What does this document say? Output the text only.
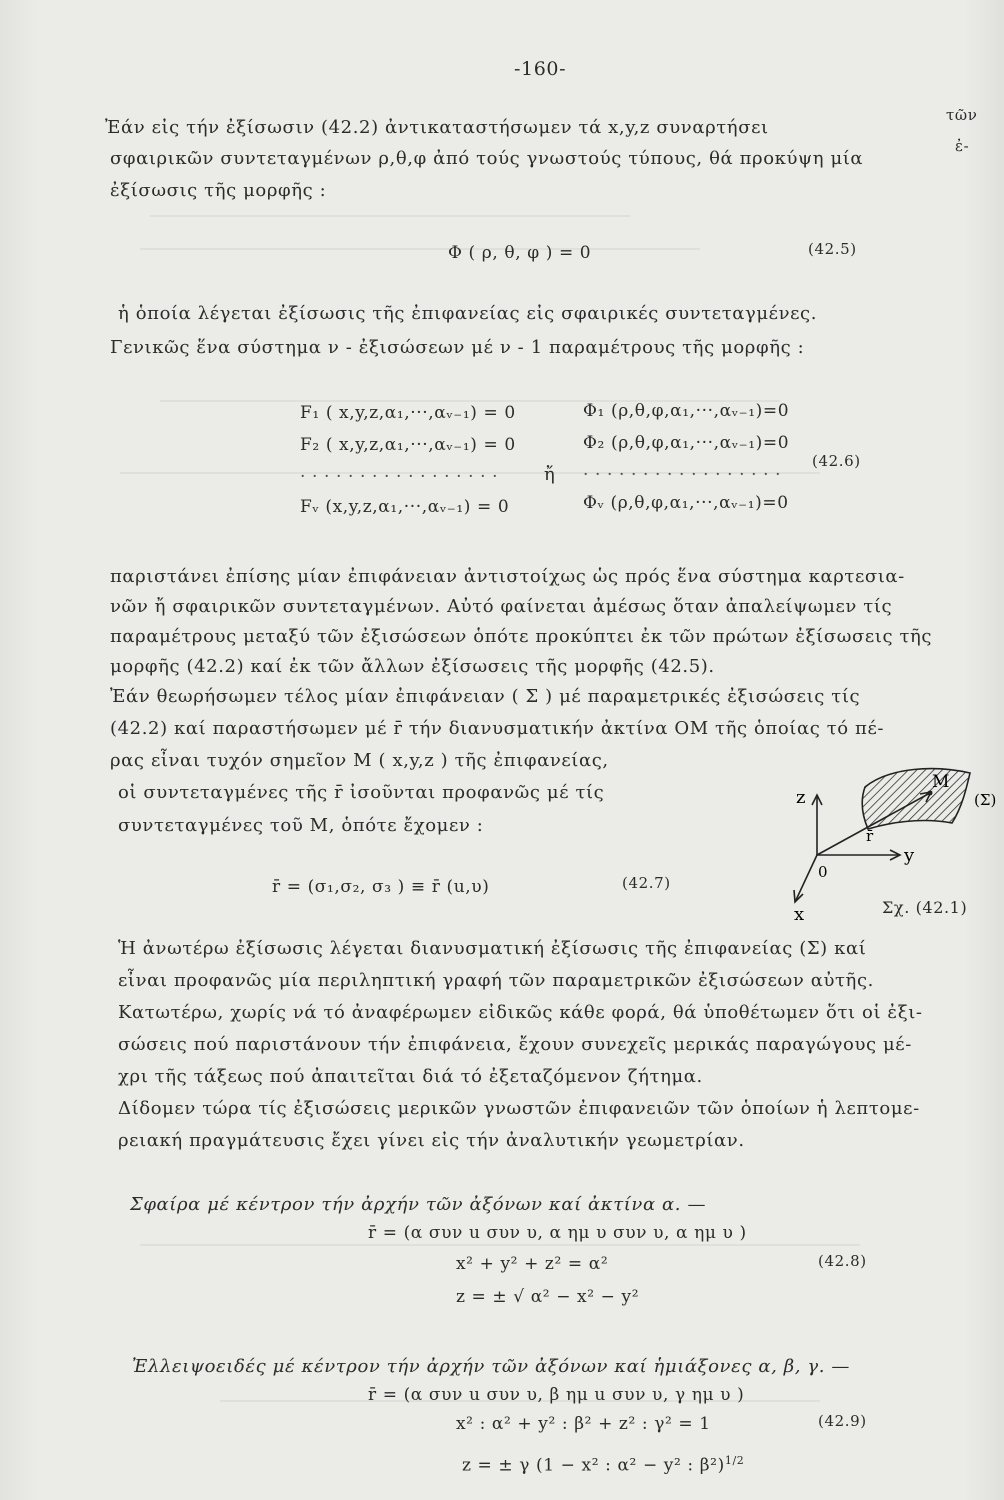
-160-
Ἐάν εἰς τήν ἐξίσωσιν (42.2) ἀντικαταστήσωμεν τά x,y,z συναρτήσει
τῶν
σφαιρικῶν συντεταγμένων ρ,θ,φ ἀπό τούς γνωστούς τύπους, θά προκύψη μία
ἐ-
ἐξίσωσις τῆς μορφῆς :
Φ ( ρ, θ, φ ) = 0	(42.5)
ἡ ὁποία λέγεται ἐξίσωσις τῆς ἐπιφανείας εἰς σφαιρικές συντεταγμένες.
Γενικῶς ἕνα σύστημα ν - ἐξισώσεων μέ ν - 1 παραμέτρους τῆς μορφῆς :
F₁ ( x,y,z,α₁,···,αᵥ₋₁) = 0
F₂ ( x,y,z,α₁,···,αᵥ₋₁) = 0
· · · · · · · · · · · · · · · · ·
Fᵥ (x,y,z,α₁,···,αᵥ₋₁) = 0
ἤ
Φ₁ (ρ,θ,φ,α₁,···,αᵥ₋₁)=0
Φ₂ (ρ,θ,φ,α₁,···,αᵥ₋₁)=0
· · · · · · · · · · · · · · · · ·
Φᵥ (ρ,θ,φ,α₁,···,αᵥ₋₁)=0
(42.6)
παριστάνει ἐπίσης μίαν ἐπιφάνειαν ἀντιστοίχως ὡς πρός ἕνα σύστημα καρτεσια-
νῶν ἤ σφαιρικῶν συντεταγμένων. Αὐτό φαίνεται ἀμέσως ὅταν ἀπαλείψωμεν τίς
παραμέτρους μεταξύ τῶν ἐξισώσεων ὁπότε προκύπτει ἐκ τῶν πρώτων ἐξίσωσεις τῆς
μορφῆς (42.2) καί ἐκ τῶν ἄλλων ἐξίσωσεις τῆς μορφῆς (42.5).
Ἐάν θεωρήσωμεν τέλος μίαν ἐπιφάνειαν ( Σ ) μέ παραμετρικές ἐξισώσεις τίς
(42.2) καί παραστήσωμεν μέ r̄ τήν διανυσματικήν ἀκτίνα OM τῆς ὁποίας τό πέ-
ρας εἶναι τυχόν σημεῖον M ( x,y,z ) τῆς ἐπιφανείας,
οἱ συντεταγμένες τῆς r̄ ἰσοῦνται προφανῶς μέ τίς
συντεταγμένες τοῦ M, ὁπότε ἔχομεν :
r̄ = (σ₁,σ₂, σ₃ ) ≡ r̄ (u,υ)	(42.7)
z
y
x
0
M
r̄
(Σ)
Σχ. (42.1)
Ἡ ἀνωτέρω ἐξίσωσις λέγεται διανυσματική ἐξίσωσις τῆς ἐπιφανείας (Σ) καί
εἶναι προφανῶς μία περιληπτική γραφή τῶν παραμετρικῶν ἐξισώσεων αὐτῆς.
Κατωτέρω, χωρίς νά τό ἀναφέρωμεν εἰδικῶς κάθε φορά, θά ὑποθέτωμεν ὅτι οἱ ἐξι-
σώσεις πού παριστάνουν τήν ἐπιφάνεια, ἔχουν συνεχεῖς μερικάς παραγώγους μέ-
χρι τῆς τάξεως πού ἀπαιτεῖται διά τό ἐξεταζόμενον ζήτημα.
Δίδομεν τώρα τίς ἐξισώσεις μερικῶν γνωστῶν ἐπιφανειῶν τῶν ὁποίων ἡ λεπτομε-
ρειακή πραγμάτευσις ἔχει γίνει εἰς τήν ἀναλυτικήν γεωμετρίαν.
Σφαίρα μέ κέντρον τήν ἀρχήν τῶν ἀξόνων καί ἀκτίνα α. —
r̄ = (α συν u συν υ, α ημ υ συν υ, α ημ υ )
x² + y² + z² = α²
z = ± √ α² − x² − y²
(42.8)
Ἐλλειψοειδές μέ κέντρον τήν ἀρχήν τῶν ἀξόνων καί ἡμιάξονες α, β, γ. —
r̄ = (α συν u συν υ, β ημ u συν υ, γ ημ υ )
x² : α² + y² : β² + z² : γ² = 1
z = ± γ (1 − x² : α² − y² : β²)$^{1/2}$
(42.9)
